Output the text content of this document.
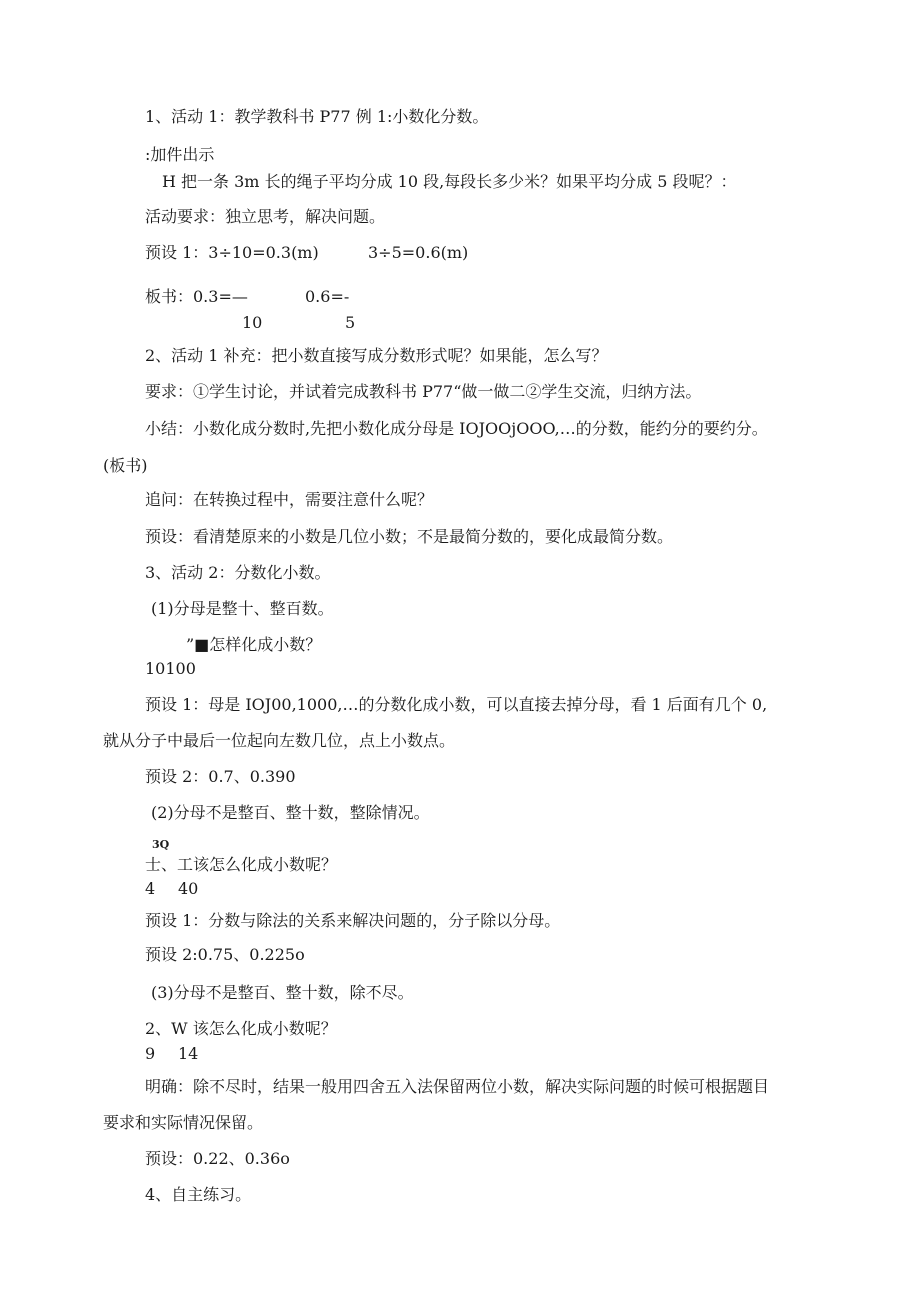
1、活动 1：教学教科书 P77 例 1:小数化分数。
:加件出示
H 把一条 3m 长的绳子平均分成 10 段,每段长多少米？如果平均分成 5 段呢？：
活动要求：独立思考，解决问题。
预设 1：3÷10=0.3(m)	3÷5=0.6(m)
板书：0.3=—	0.6=-
10	5
2、活动 1 补充：把小数直接写成分数形式呢？如果能，怎么写？
要求：①学生讨论，并试着完成教科书 P77“做一做二②学生交流，归纳方法。
小结：小数化成分数时,先把小数化成分母是 IOJOOjOOO,…的分数，能约分的要约分。
(板书)
追问：在转换过程中，需要注意什么呢？
预设：看清楚原来的小数是几位小数；不是最简分数的，要化成最简分数。
3、活动 2：分数化小数。
(1)分母是整十、整百数。
”■怎样化成小数？
10100
预设 1：母是 IOJ00,1000,…的分数化成小数，可以直接去掉分母，看 1 后面有几个 0,
就从分子中最后一位起向左数几位，点上小数点。
预设 2：0.7、0.390
(2)分母不是整百、整十数，整除情况。
3Q
士、工该怎么化成小数呢？
4 40
预设 1：分数与除法的关系来解决问题的，分子除以分母。
预设 2:0.75、0.225o
(3)分母不是整百、整十数，除不尽。
2、W 该怎么化成小数呢？
9 14
明确：除不尽时，结果一般用四舍五入法保留两位小数，解决实际问题的时候可根据题目
要求和实际情况保留。
预设：0.22、0.36o
4、自主练习。
